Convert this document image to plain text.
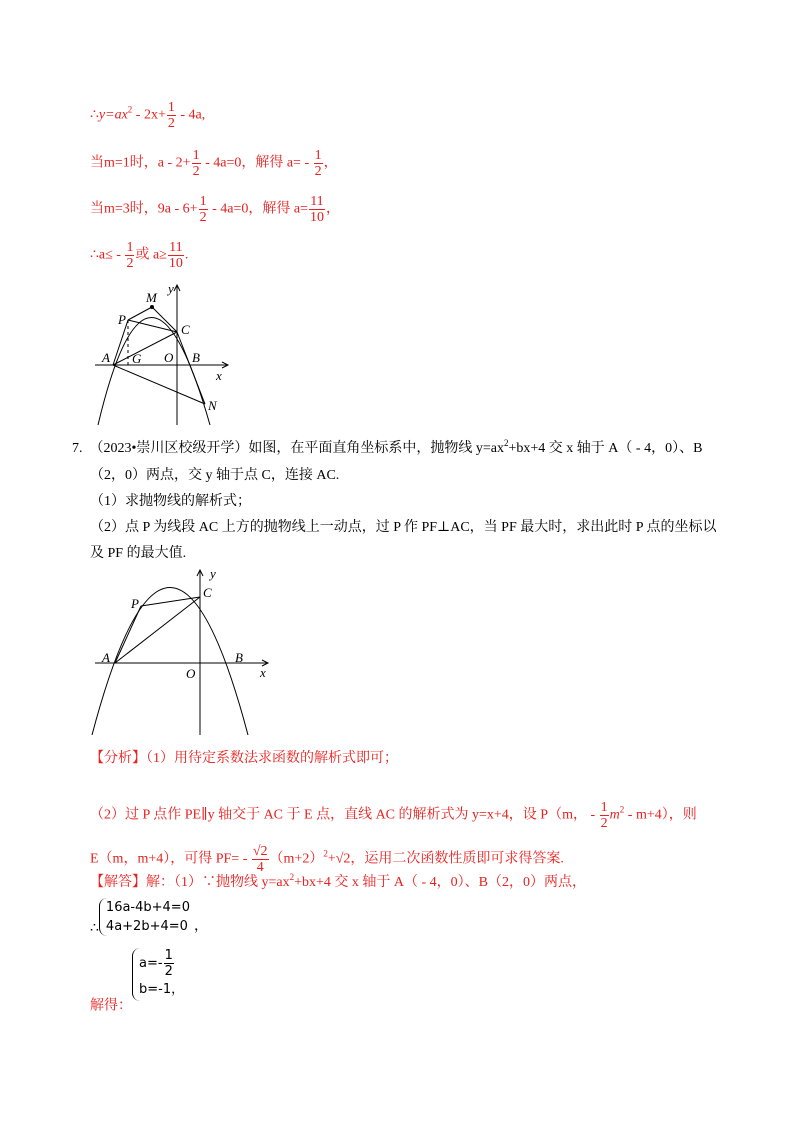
$\therefore y=ax^2 - 2x+ \frac{1}{2} - 4a$,
当m=1时，$a - 2+ \frac{1}{2} - 4a=0$，解得 $a= - \frac{1}{2}$ ，
当m=3时，$9a - 6+ \frac{1}{2} - 4a=0$，解得 $a= \frac{11}{10}$ ，
∴a≤ - $\frac{1}{2}$ 或 $a\ge \frac{11}{10}$ .
y
M
P
C
A G O B
x
N
7. （2023•崇川区校级开学）如图，在平面直角坐标系中，抛物线 $y=ax^2+bx+4$ 交 x 轴于 A（ - 4，0）、B
（2，0）两点，交 y 轴于点 C，连接 AC.
（1）求抛物线的解析式；
（2）点 P 为线段 AC 上方的抛物线上一动点，过 P 作 PF⊥AC，当 PF 最大时，求出此时 P 点的坐标以
及 PF 的最大值.
y
P
C
A
O
B
x
【分析】（1）用待定系数法求函数的解析式即可；
（2）过 P 点作 PE∥y 轴交于 AC 于 E 点，直线 AC 的解析式为 y=x+4，设 P（m， - $\frac{1}{2} m^2 - m+4$），则
E（m，m+4），可得 $PF= - \frac{√2}{4} (m+2)^2+√2$，运用二次函数性质即可求得答案.
【解答】解：（1）∵抛物线 $y=ax^2+bx+4$ 交 x 轴于 A（ - 4，0）、B（2，0）两点，
∴16a-4b+4=0
4a+2b+4=0 ，
解得：$a=- \frac{1}{2}$

b=-1，
